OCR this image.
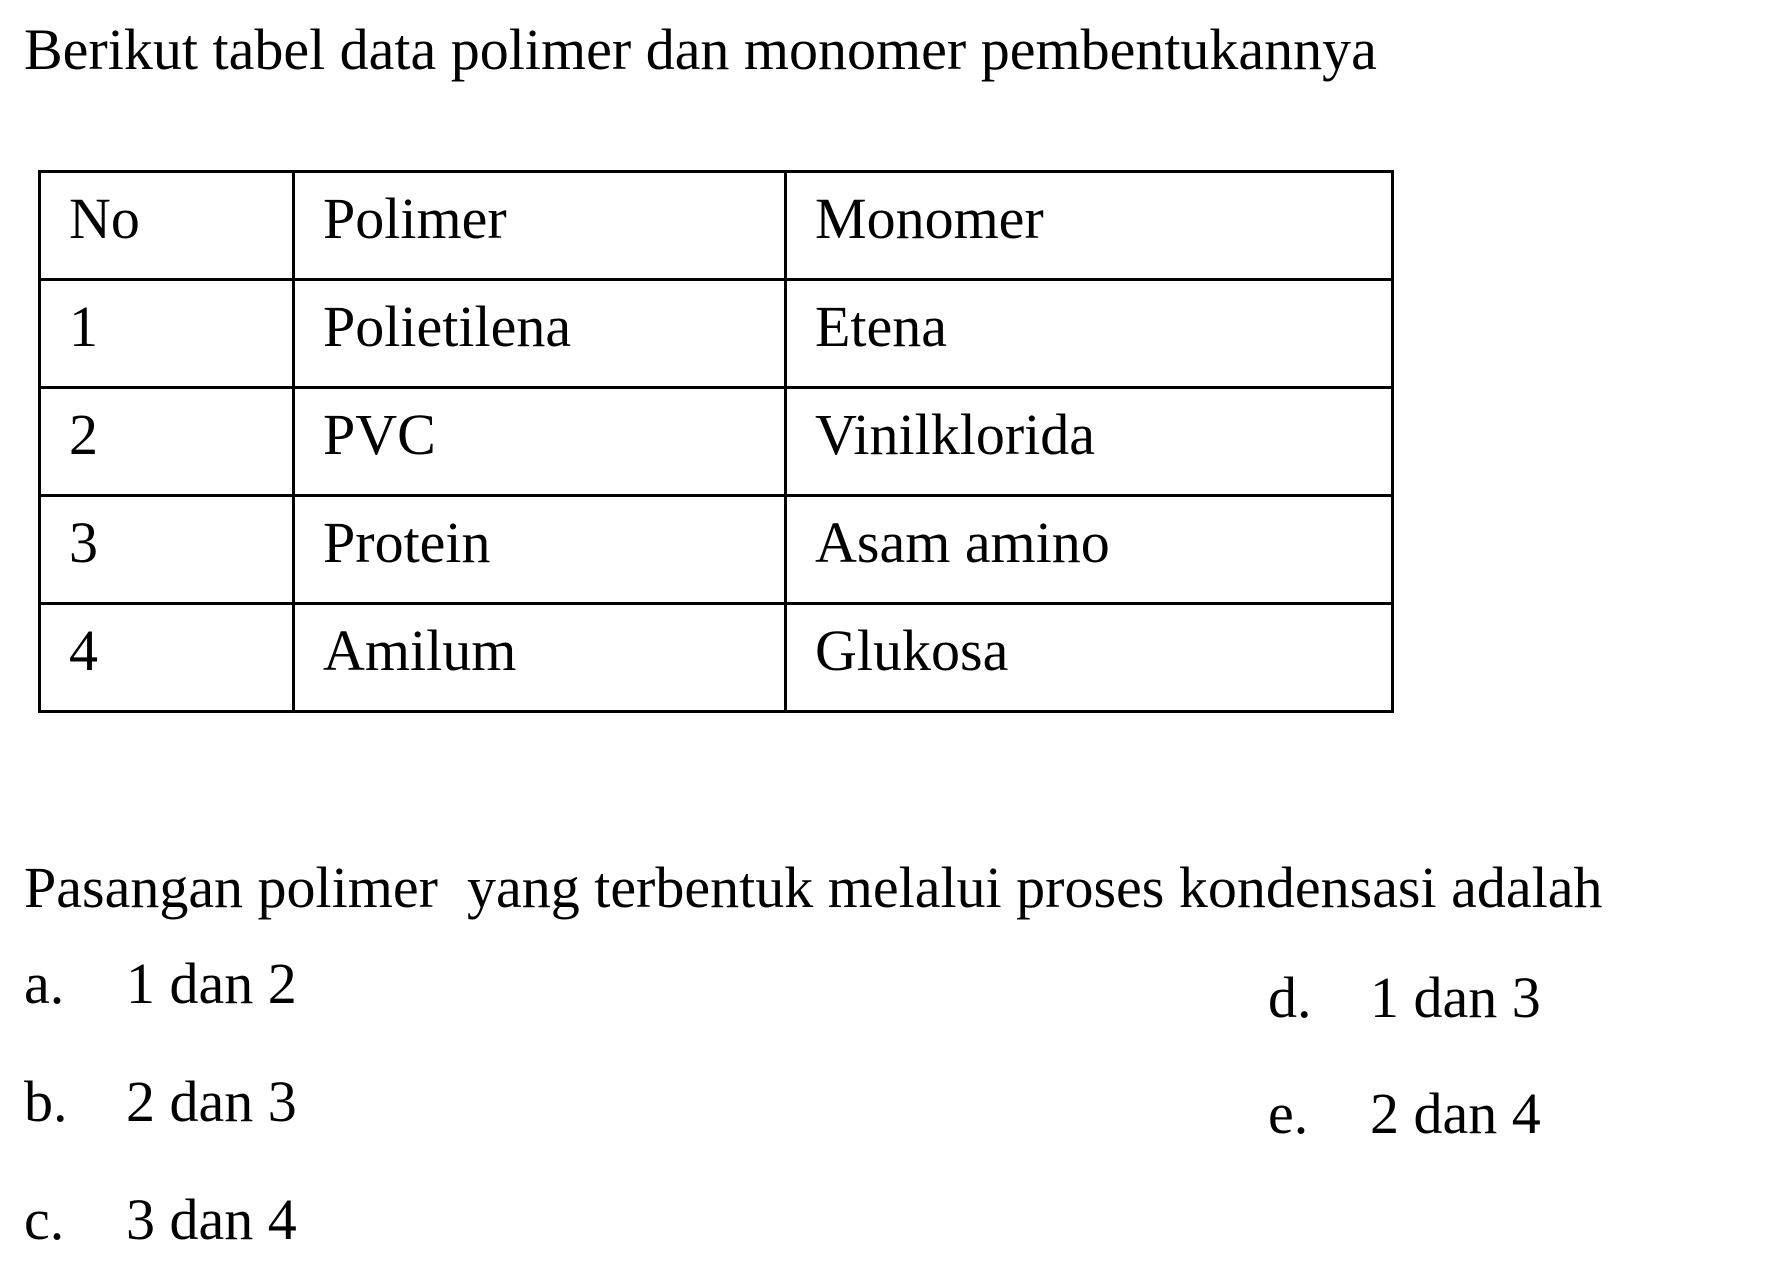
Berikut tabel data polimer dan monomer pembentukannya
No	Polimer	Monomer
1	Polietilena	Etena
2	PVC	Vinilklorida
3	Protein	Asam amino
4	Amilum	Glukosa
Pasangan polimer  yang terbentuk melalui proses kondensasi adalah
a. 1 dan 2
b. 2 dan 3
c. 3 dan 4
d. 1 dan 3
e. 2 dan 4
